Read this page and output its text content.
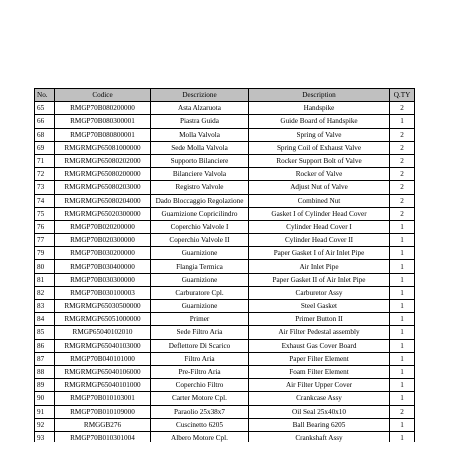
No.	Codice	Descrizione	Description	Q.TY
65	RMGP70B080200000	Asta Alzaruota	Handspike	2
66	RMGP70B080300001	Piastra Guida	Guide Board of Handspike	1
68	RMGP70B080800001	Molla Valvola	Spring of Valve	2
69	RMGRMGP65081000000	Sede Molla Valvola	Spring Coil of Exhaust Valve	2
71	RMGRMGP65080202000	Supporto Bilanciere	Rocker Support Bolt of Valve	2
72	RMGRMGP65080200000	Bilanciere Valvola	Rocker of Valve	2
73	RMGRMGP65080203000	Registro Valvole	Adjust Nut of Valve	2
74	RMGRMGP65080204000	Dado Bloccaggio Regolazione	Combined Nut	2
75	RMGRMGP65020300000	Guarnizione Copricilindro	Gasket I of Cylinder Head Cover	2
76	RMGP70B020200000	Coperchio Valvole I	Cylinder Head Cover I	1
77	RMGP70B020300000	Coperchio Valvole II	Cylinder Head Cover II	1
79	RMGP70B030200000	Guarnizione	Paper Gasket I of Air Inlet Pipe	1
80	RMGP70B030400000	Flangia Termica	Air Inlet Pipe	1
81	RMGP70B030300000	Guarnizione	Paper Gasket II of Air Inlet Pipe	1
82	RMGP70B030100003	Carburatore Cpl.	Carburetor Assy	1
83	RMGRMGP65030500000	Guarnizione	Steel Gasket	1
84	RMGRMGP65051000000	Primer	Primer Button II	1
85	RMGP65040102010	Sede Filtro Aria	Air Filter Pedestal assembly	1
86	RMGRMGP65040103000	Deflettore Di Scarico	Exhaust Gas Cover Board	1
87	RMGP70B040101000	Filtro Aria	Paper Filter Element	1
88	RMGRMGP65040106000	Pre-Filtro Aria	Foam Filter Element	1
89	RMGRMGP65040101000	Coperchio Filtro	Air Filter Upper Cover	1
90	RMGP70B010103001	Carter Motore Cpl.	Crankcase Assy	1
91	RMGP70B010109000	Paraolio 25x38x7	Oil Seal 25x40x10	2
92	RMGGB276	Cuscinetto 6205	Ball Bearing 6205	1
93	RMGP70B010301004	Albero Motore Cpl.	Crankshaft Assy	1
